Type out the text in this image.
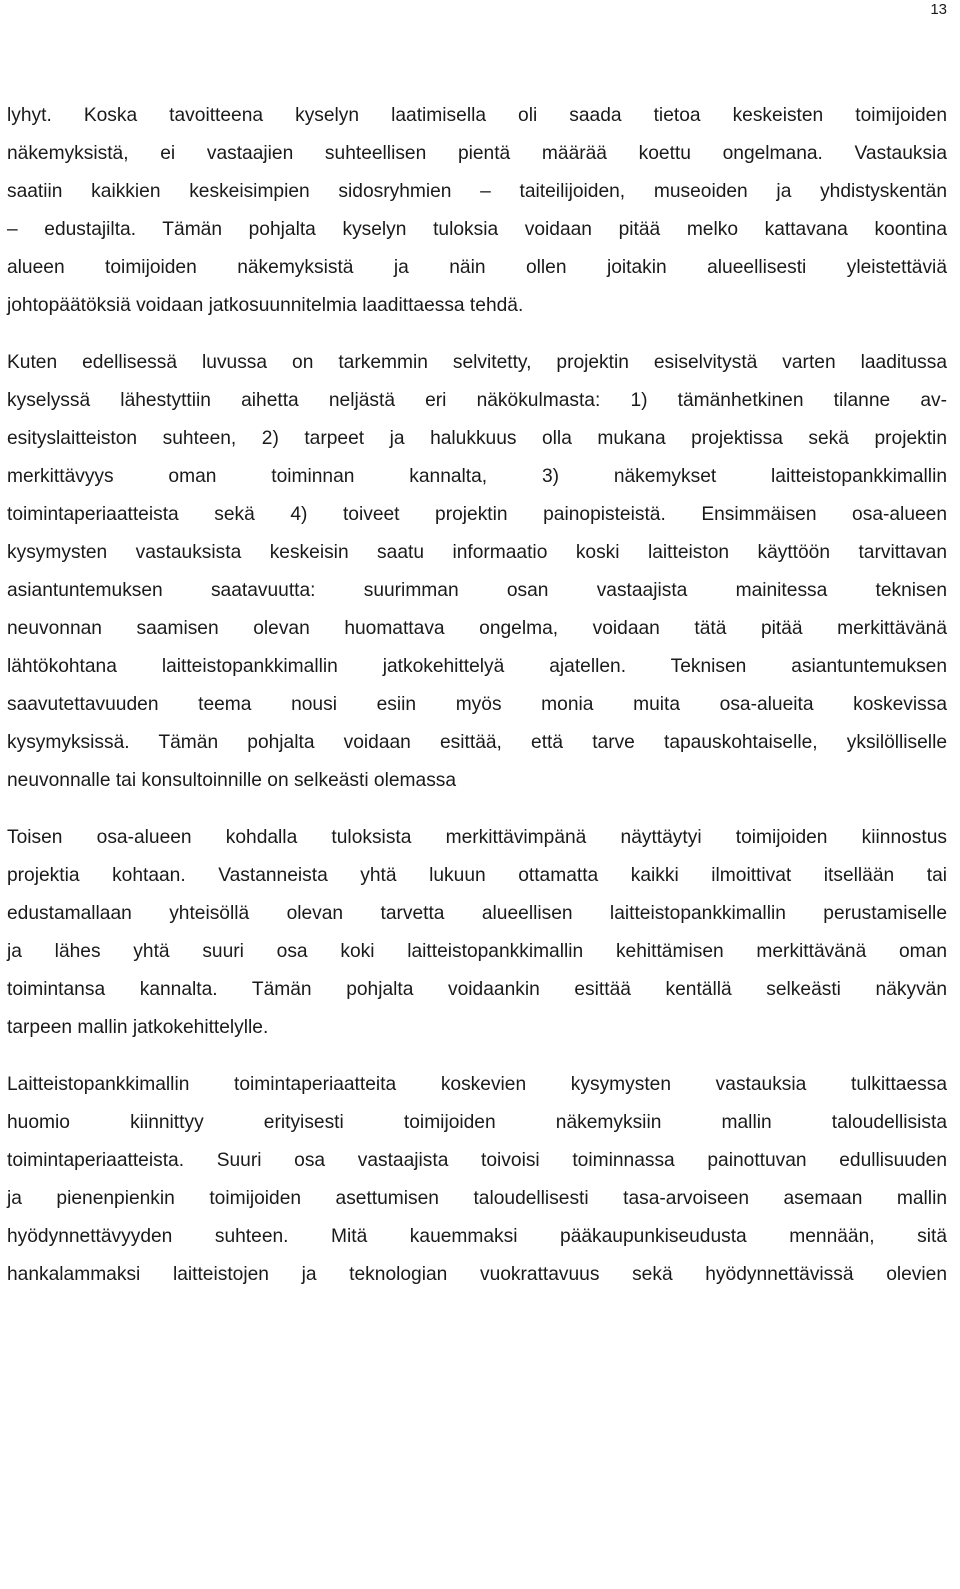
13
lyhyt. Koska tavoitteena kyselyn laatimisella oli saada tietoa keskeisten toimijoiden
näkemyksistä, ei vastaajien suhteellisen pientä määrää koettu ongelmana. Vastauksia
saatiin kaikkien keskeisimpien sidosryhmien – taiteilijoiden, museoiden ja yhdistyskentän
– edustajilta. Tämän pohjalta kyselyn tuloksia voidaan pitää melko kattavana koontina
alueen toimijoiden näkemyksistä ja näin ollen joitakin alueellisesti yleistettäviä
johtopäätöksiä voidaan jatkosuunnitelmia laadittaessa tehdä.
Kuten edellisessä luvussa on tarkemmin selvitetty, projektin esiselvitystä varten laaditussa
kyselyssä lähestyttiin aihetta neljästä eri näkökulmasta: 1) tämänhetkinen tilanne av-
esityslaitteiston suhteen, 2) tarpeet ja halukkuus olla mukana projektissa sekä projektin
merkittävyys oman toiminnan kannalta, 3) näkemykset laitteistopankkimallin
toimintaperiaatteista sekä 4) toiveet projektin painopisteistä. Ensimmäisen osa-alueen
kysymysten vastauksista keskeisin saatu informaatio koski laitteiston käyttöön tarvittavan
asiantuntemuksen saatavuutta: suurimman osan vastaajista mainitessa teknisen
neuvonnan saamisen olevan huomattava ongelma, voidaan tätä pitää merkittävänä
lähtökohtana laitteistopankkimallin jatkokehittelyä ajatellen. Teknisen asiantuntemuksen
saavutettavuuden teema nousi esiin myös monia muita osa-alueita koskevissa
kysymyksissä. Tämän pohjalta voidaan esittää, että tarve tapauskohtaiselle, yksilölliselle
neuvonnalle tai konsultoinnille on selkeästi olemassa
Toisen osa-alueen kohdalla tuloksista merkittävimpänä näyttäytyi toimijoiden kiinnostus
projektia kohtaan. Vastanneista yhtä lukuun ottamatta kaikki ilmoittivat itsellään tai
edustamallaan yhteisöllä olevan tarvetta alueellisen laitteistopankkimallin perustamiselle
ja lähes yhtä suuri osa koki laitteistopankkimallin kehittämisen merkittävänä oman
toimintansa kannalta. Tämän pohjalta voidaankin esittää kentällä selkeästi näkyvän
tarpeen mallin jatkokehittelylle.
Laitteistopankkimallin toimintaperiaatteita koskevien kysymysten vastauksia tulkittaessa
huomio kiinnittyy erityisesti toimijoiden näkemyksiin mallin taloudellisista
toimintaperiaatteista. Suuri osa vastaajista toivoisi toiminnassa painottuvan edullisuuden
ja pienenpienkin toimijoiden asettumisen taloudellisesti tasa-arvoiseen asemaan mallin
hyödynnettävyyden suhteen. Mitä kauemmaksi pääkaupunkiseudusta mennään, sitä
hankalammaksi laitteistojen ja teknologian vuokrattavuus sekä hyödynnettävissä olevien
